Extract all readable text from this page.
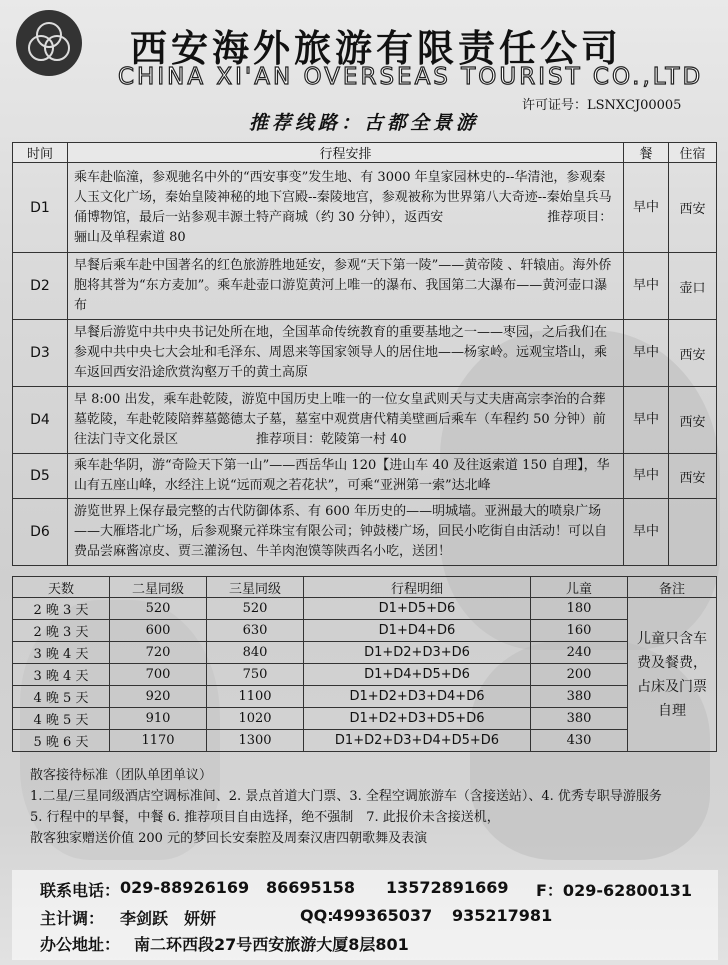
西安海外旅游有限责任公司
CHINA XI'AN OVERSEAS TOURIST CO.,LTD
许可证号：LSNXCJ00005
推荐线路：古都全景游
时间	行程安排	餐	住宿
D1	乘车赴临潼，参观驰名中外的“西安事变”发生地、有 3000 年皇家园林史的--华清池，参观秦人玉文化广场，秦始皇陵神秘的地下宫殿--秦陵地宫，参观被称为世界第八大奇迹--秦始皇兵马俑博物馆，最后一站参观丰源土特产商城（约 30 分钟），返西安　　　　　　　　推荐项目：骊山及单程索道 80	早中	西安
D2	早餐后乘车赴中国著名的红色旅游胜地延安，参观“天下第一陵”——黄帝陵 、轩辕庙。海外侨胞将其誉为“东方麦加”。乘车赴壶口游览黄河上唯一的瀑布、我国第二大瀑布——黄河壶口瀑布	早中	壶口
D3	早餐后游览中共中央书记处所在地，全国革命传统教育的重要基地之一——枣园，之后我们在参观中共中央七大会址和毛泽东、周恩来等国家领导人的居住地——杨家岭。远观宝塔山，乘车返回西安沿途欣赏沟壑万千的黄土高原	早中	西安
D4	早 8:00 出发，乘车赴乾陵，游览中国历史上唯一的一位女皇武则天与丈夫唐高宗李治的合葬墓乾陵，车赴乾陵陪葬墓懿德太子墓，墓室中观赏唐代精美壁画后乘车（车程约 50 分钟）前往法门寺文化景区　　　　　　推荐项目：乾陵第一村 40	早中	西安
D5	乘车赴华阴，游“奇险天下第一山”——西岳华山 120【进山车 40 及往返索道 150 自理】，华山有五座山峰，水经注上说“远而观之若花状”，可乘“亚洲第一索”达北峰	早中	西安
D6	游览世界上保存最完整的古代防御体系、有 600 年历史的——明城墙。亚洲最大的喷泉广场——大雁塔北广场，后参观聚元祥珠宝有限公司；钟鼓楼广场，回民小吃街自由活动！可以自费品尝麻酱凉皮、贾三灌汤包、牛羊肉泡馍等陕西名小吃，送团！	早中	
天数	二星同级	三星同级	行程明细	儿童	备注
2 晚 3 天	520	520	D1+D5+D6	180	儿童只含车费及餐费，占床及门票自理
2 晚 3 天	600	630	D1+D4+D6	160	
3 晚 4 天	720	840	D1+D2+D3+D6	240	
3 晚 4 天	700	750	D1+D4+D5+D6	200	
4 晚 5 天	920	1100	D1+D2+D3+D4+D6	380	
4 晚 5 天	910	1020	D1+D2+D3+D5+D6	380	
5 晚 6 天	1170	1300	D1+D2+D3+D4+D5+D6	430	
散客接待标准（团队单团单议）
1.二星/三星同级酒店空调标准间、2. 景点首道大门票、3. 全程空调旅游车（含接送站）、4. 优秀专职导游服务
5. 行程中的早餐，中餐 6. 推荐项目自由选择，绝不强制　7. 此报价未含接送机，
散客独家赠送价值 200 元的梦回长安秦腔及周秦汉唐四朝歌舞及表演
联系电话： 029-88926169 86695158 13572891669 F：029-62800131
主计调： 李剑跃　妍妍	QQ:
499365037 935217981
办公地址： 南二环西段27号西安旅游大厦8层801
